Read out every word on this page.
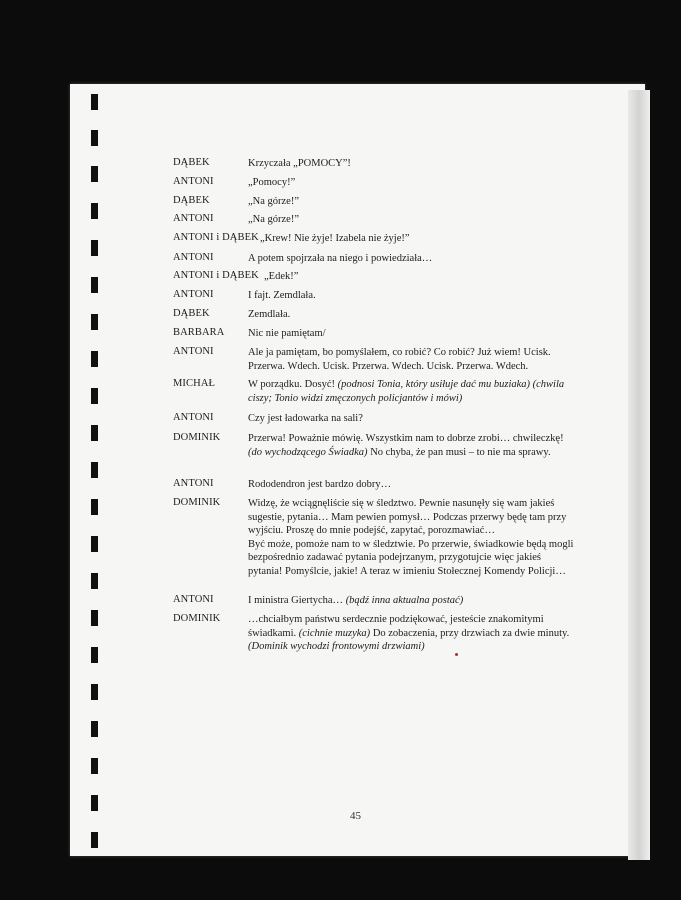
DĄBEK	Krzyczała „POMOCY”!
ANTONI	„Pomocy!”
DĄBEK	„Na górze!”
ANTONI	„Na górze!”
ANTONI i DĄBEK „Krew! Nie żyje! Izabela nie żyje!”
ANTONI	A potem spojrzała na niego i powiedziała…
ANTONI i DĄBEK „Edek!”
ANTONI	I fajt. Zemdlała.
DĄBEK	Zemdlała.
BARBARA Nic nie pamiętam/
ANTONI	Ale ja pamiętam, bo pomyślałem, co robić? Co robić? Już wiem! Ucisk. Przerwa. Wdech. Ucisk. Przerwa. Wdech. Ucisk. Przerwa. Wdech.
MICHAŁ	W porządku. Dosyć! (podnosi Tonia, który usiłuje dać mu buziaka) (chwila ciszy; Tonio widzi zmęczonych policjantów i mówi)
ANTONI	Czy jest ładowarka na sali?
DOMINIK	Przerwa! Poważnie mówię. Wszystkim nam to dobrze zrobi… chwileczkę! (do wychodzącego Świadka) No chyba, że pan musi – to nie ma sprawy.
ANTONI	Rododendron jest bardzo dobry…
DOMINIK	Widzę, że wciągnęliście się w śledztwo. Pewnie nasunęły się wam jakieś sugestie, pytania… Mam pewien pomysł… Podczas przerwy będę tam przy wyjściu. Proszę do mnie podejść, zapytać, porozmawiać…
Być może, pomoże nam to w śledztwie. Po przerwie, świadkowie będą mogli bezpośrednio zadawać pytania podejrzanym, przygotujcie więc jakieś pytania! Pomyślcie, jakie! A teraz w imieniu Stołecznej Komendy Policji…
ANTONI	I ministra Giertycha… (bądź inna aktualna postać)
DOMINIK	…chciałbym państwu serdecznie podziękować, jesteście znakomitymi świadkami. (cichnie muzyka) Do zobaczenia, przy drzwiach za dwie minuty. (Dominik wychodzi frontowymi drzwiami)
45
